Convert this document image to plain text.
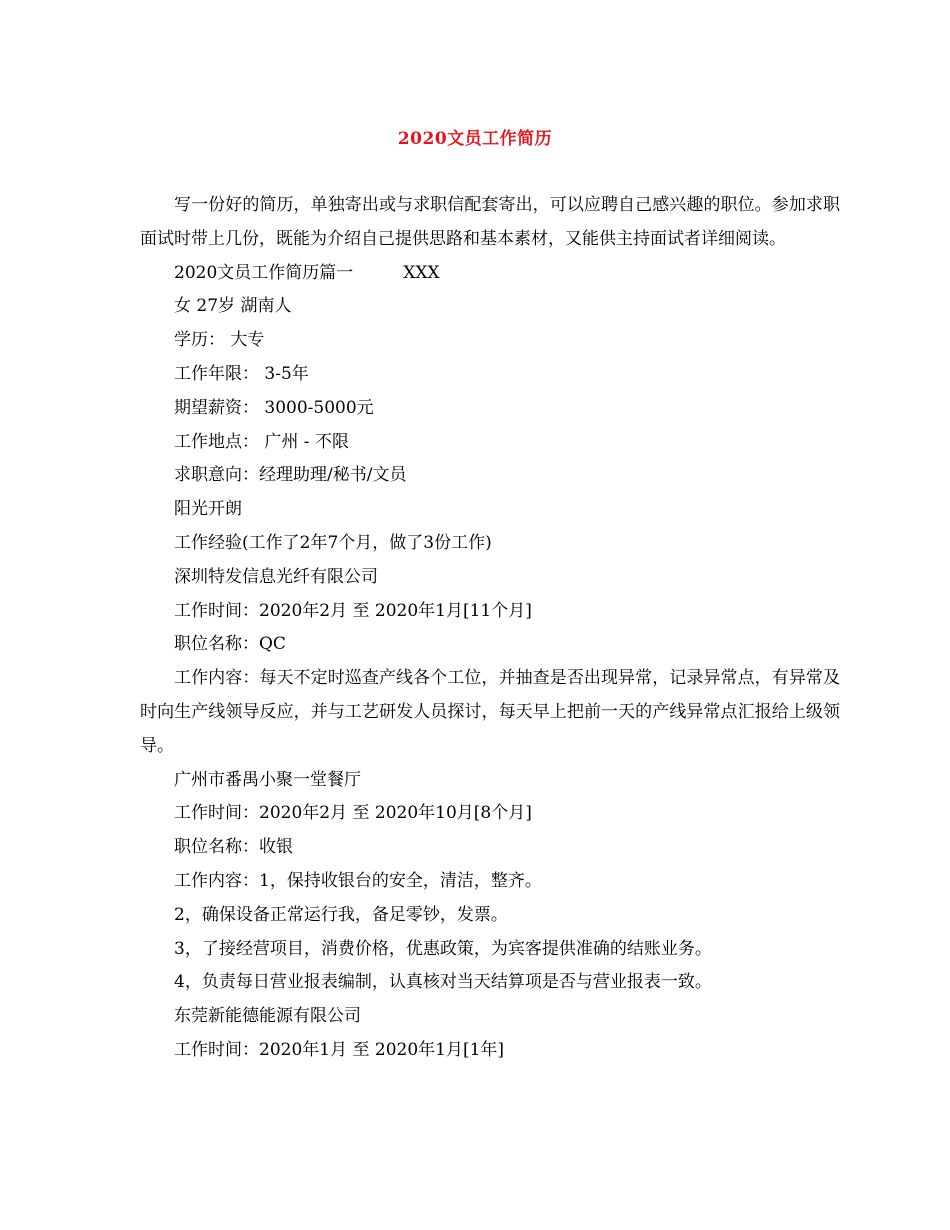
2020文员工作简历

写一份好的简历，单独寄出或与求职信配套寄出，可以应聘自己感兴趣的职位。参加求职面试时带上几份，既能为介绍自己提供思路和基本素材，又能供主持面试者详细阅读。

2020文员工作简历篇一	XXX

女 27岁 湖南人

学历： 大专

工作年限： 3-5年

期望薪资： 3000-5000元

工作地点： 广州 - 不限

求职意向：经理助理/秘书/文员

阳光开朗

工作经验(工作了2年7个月，做了3份工作)

深圳特发信息光纤有限公司

工作时间：2020年2月 至 2020年1月[11个月]

职位名称：QC

工作内容：每天不定时巡查产线各个工位，并抽查是否出现异常，记录异常点，有异常及时向生产线领导反应，并与工艺研发人员探讨，每天早上把前一天的产线异常点汇报给上级领导。

广州市番禺小聚一堂餐厅

工作时间：2020年2月 至 2020年10月[8个月]

职位名称：收银

工作内容：1，保持收银台的安全，清洁，整齐。

2，确保设备正常运行我，备足零钞，发票。

3，了接经营项目，消费价格，优惠政策，为宾客提供准确的结账业务。

4，负责每日营业报表编制，认真核对当天结算项是否与营业报表一致。

东莞新能德能源有限公司

工作时间：2020年1月 至 2020年1月[1年]
